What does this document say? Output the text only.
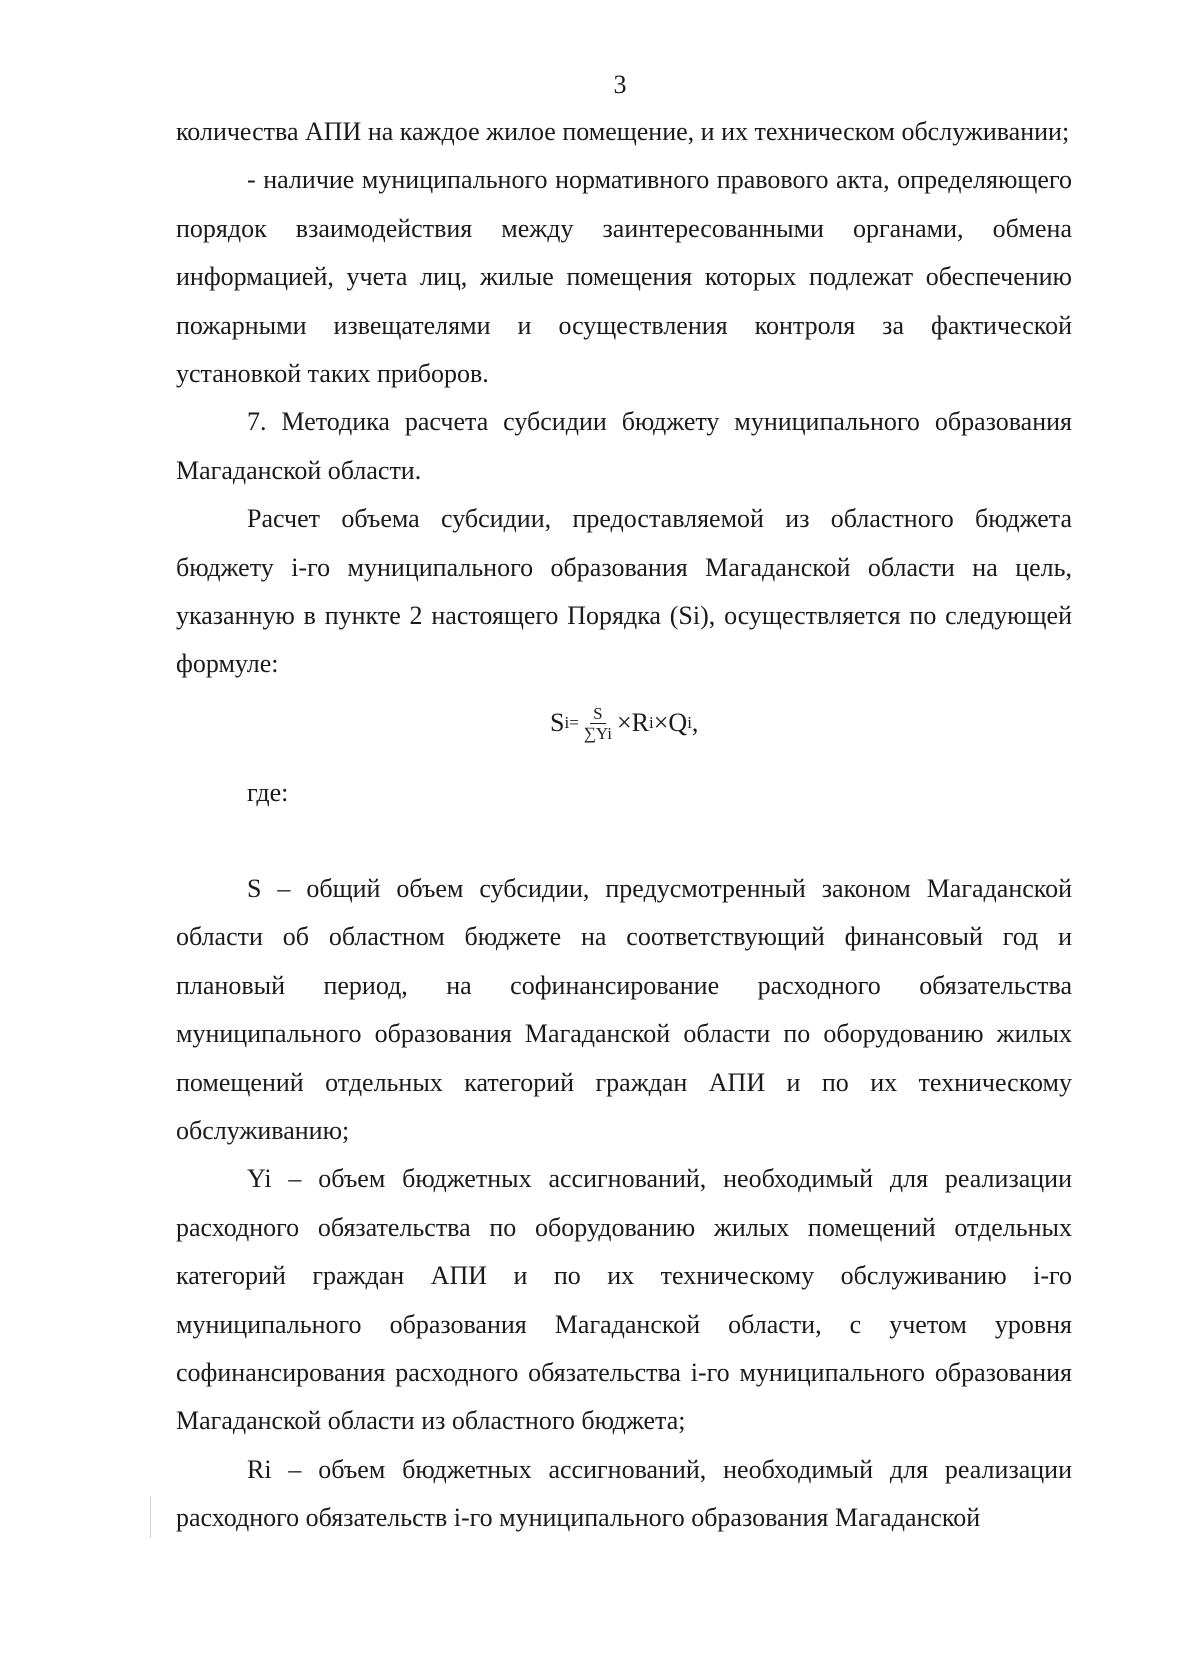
3

количества АПИ на каждое жилое помещение, и их техническом обслуживании;

- наличие муниципального нормативного правового акта, определяющего порядок взаимодействия между заинтересованными органами, обмена информацией, учета лиц, жилые помещения которых подлежат обеспечению пожарными извещателями и осуществления контроля за фактической установкой таких приборов.

7. Методика расчета субсидии бюджету муниципального образования Магаданской области.

Расчет объема субсидии, предоставляемой из областного бюджета бюджету i-го муниципального образования Магаданской области на цель, указанную в пункте 2 настоящего Порядка (Si), осуществляется по следующей формуле:

S $i = \frac{S}{\sum Yi} \times R$ i × Q i ,
где:

S – общий объем субсидии, предусмотренный законом Магаданской области об областном бюджете на соответствующий финансовый год и плановый период, на софинансирование расходного обязательства муниципального образования Магаданской области по оборудованию жилых помещений отдельных категорий граждан АПИ и по их техническому обслуживанию;

Yi – объем бюджетных ассигнований, необходимый для реализации расходного обязательства по оборудованию жилых помещений отдельных категорий граждан АПИ и по их техническому обслуживанию i-го муниципального образования Магаданской области, с учетом уровня софинансирования расходного обязательства i-го муниципального образования Магаданской области из областного бюджета;

Ri – объем бюджетных ассигнований, необходимый для реализации расходного обязательств i-го муниципального образования Магаданской
